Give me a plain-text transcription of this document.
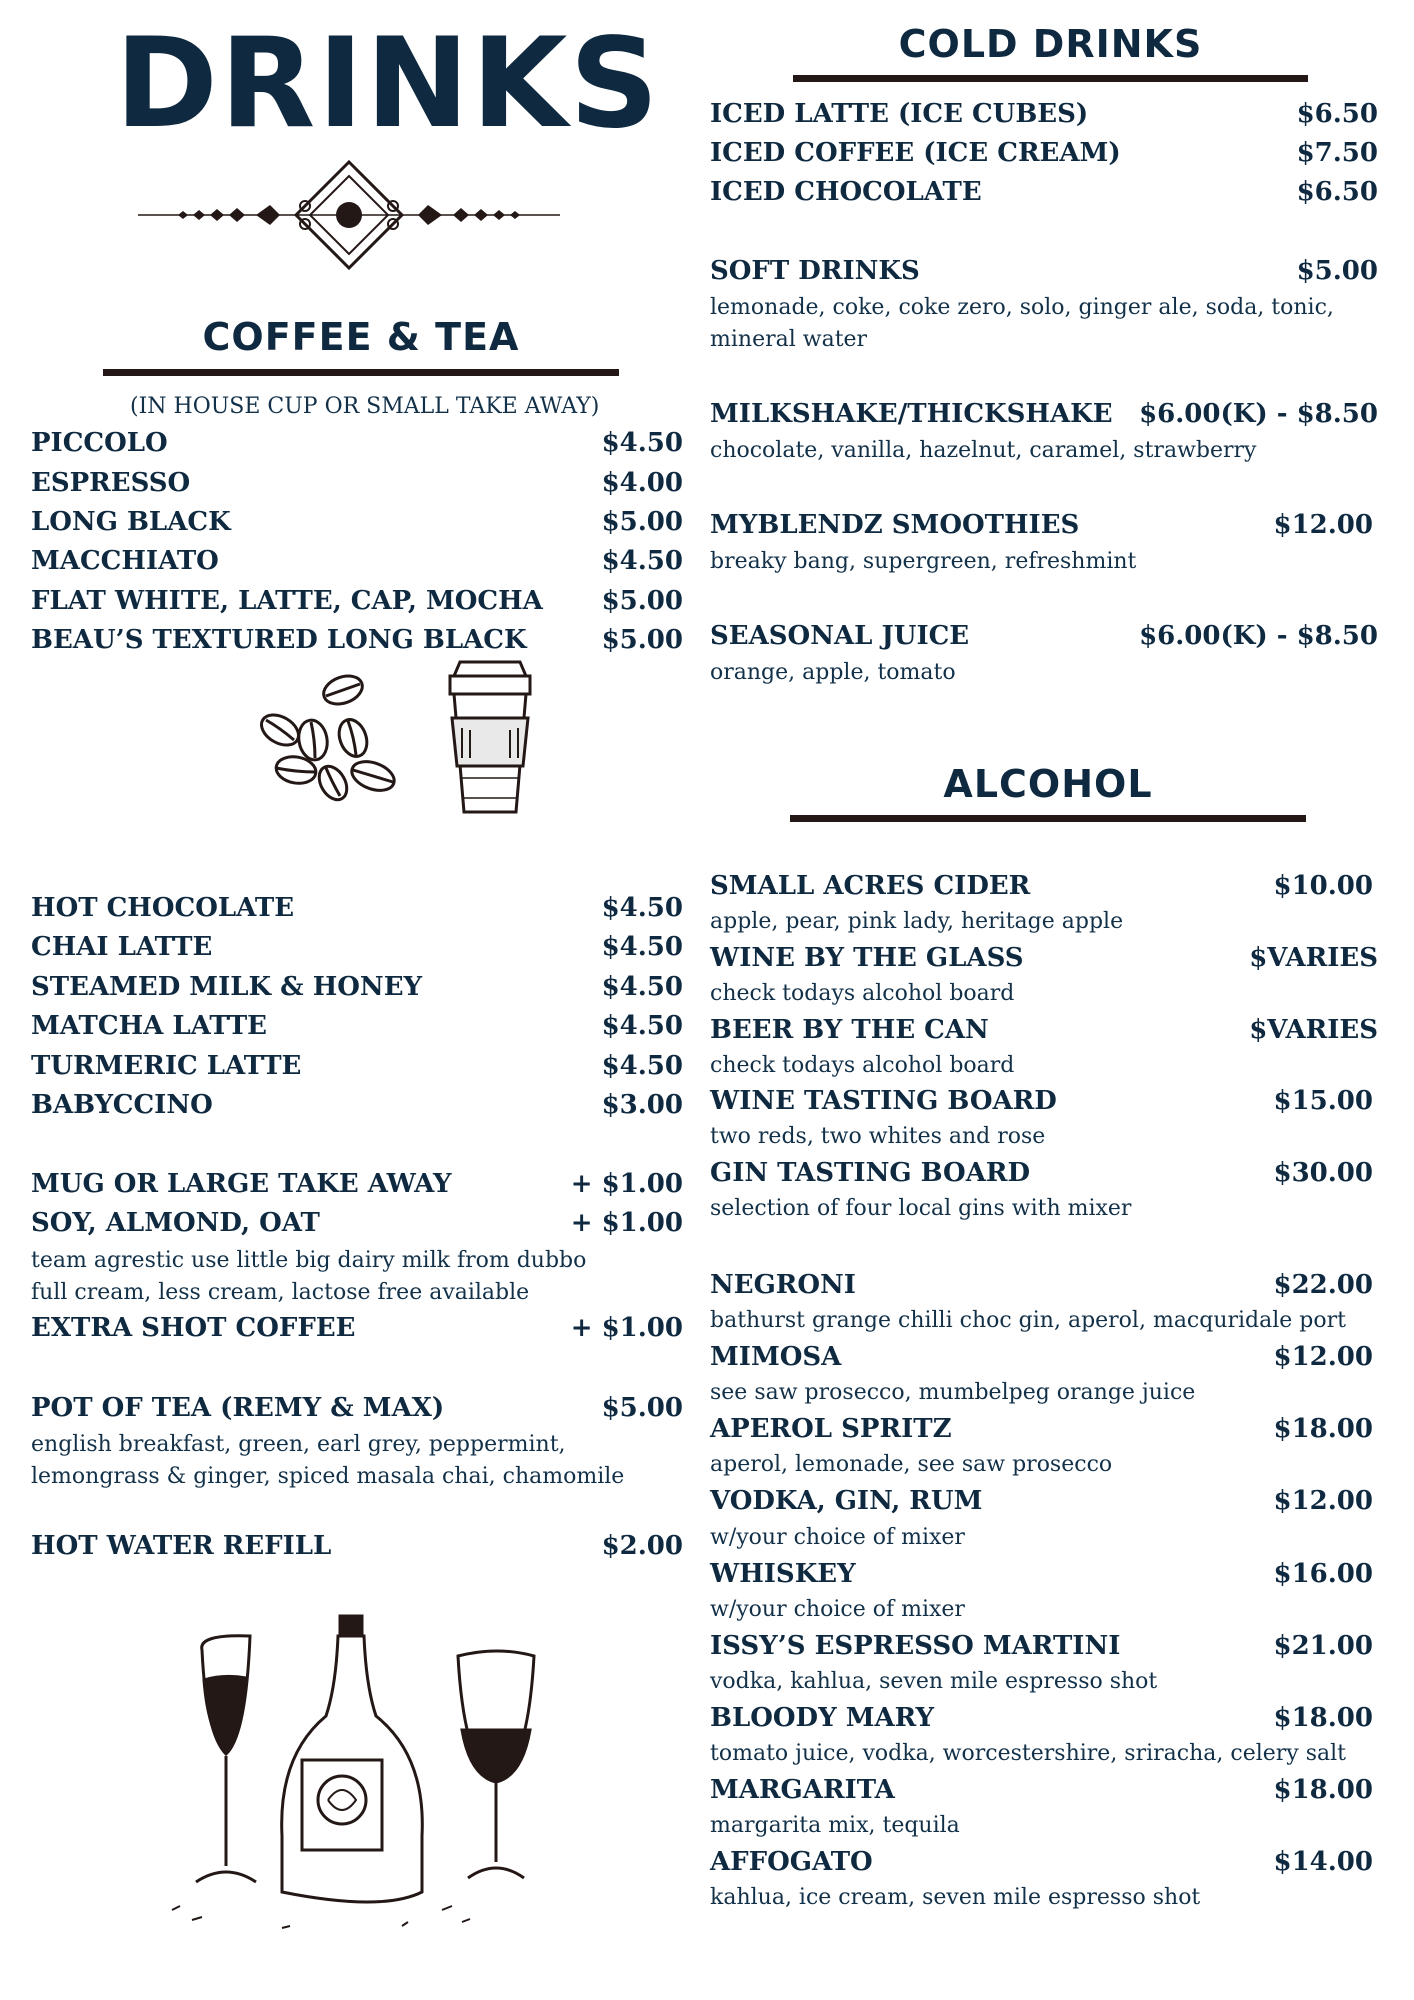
DRINKS
COFFEE & TEA
(IN HOUSE CUP OR SMALL TAKE AWAY)
PICCOLO	$4.50
ESPRESSO	$4.00
LONG BLACK	$5.00
MACCHIATO	$4.50
FLAT WHITE, LATTE, CAP, MOCHA $5.00
BEAU’S TEXTURED LONG BLACK	$5.00
HOT CHOCOLATE	$4.50
CHAI LATTE	$4.50
STEAMED MILK & HONEY	$4.50
MATCHA LATTE	$4.50
TURMERIC LATTE	$4.50
BABYCCINO	$3.00
MUG OR LARGE TAKE AWAY	+ $1.00
SOY, ALMOND, OAT	+ $1.00
team agrestic use little big dairy milk from dubbo
full cream, less cream, lactose free available
EXTRA SHOT COFFEE	+ $1.00
POT OF TEA (REMY & MAX)	$5.00
english breakfast, green, earl grey, peppermint,
lemongrass & ginger, spiced masala chai, chamomile
HOT WATER REFILL	$2.00
COLD DRINKS
ICED LATTE (ICE CUBES)	$6.50
ICED COFFEE (ICE CREAM)	$7.50
ICED CHOCOLATE	$6.50
SOFT DRINKS	$5.00
lemonade, coke, coke zero, solo, ginger ale, soda, tonic,
mineral water
MILKSHAKE/THICKSHAKE $6.00(K) - $8.50
chocolate, vanilla, hazelnut, caramel, strawberry
MYBLENDZ SMOOTHIES	$12.00
breaky bang, supergreen, refreshmint
SEASONAL JUICE	$6.00(K) - $8.50
orange, apple, tomato
SMALL ACRES CIDER	$10.00
apple, pear, pink lady, heritage apple
WINE BY THE GLASS	$VARIES
check todays alcohol board
BEER BY THE CAN	$VARIES
check todays alcohol board
WINE TASTING BOARD	$15.00
two reds, two whites and rose
GIN TASTING BOARD	$30.00
selection of four local gins with mixer
NEGRONI	$22.00
bathurst grange chilli choc gin, aperol, macquridale port
MIMOSA	$12.00
see saw prosecco, mumbelpeg orange juice
APEROL SPRITZ	$18.00
aperol, lemonade, see saw prosecco
VODKA, GIN, RUM	$12.00
w/your choice of mixer
WHISKEY	$16.00
w/your choice of mixer
ISSY’S ESPRESSO MARTINI	$21.00
vodka, kahlua, seven mile espresso shot
BLOODY MARY	$18.00
tomato juice, vodka, worcestershire, sriracha, celery salt
MARGARITA	$18.00
margarita mix, tequila
AFFOGATO	$14.00
kahlua, ice cream, seven mile espresso shot
ALCOHOL
